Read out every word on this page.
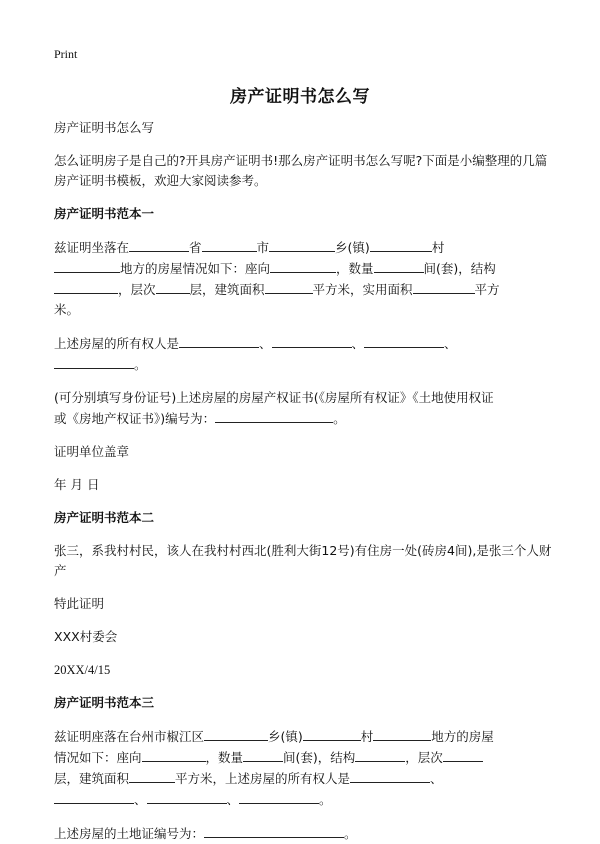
Print
房产证明书怎么写

房产证明书怎么写

怎么证明房子是自己的?开具房产证明书!那么房产证明书怎么写呢?下面是小编整理的几篇房产证明书模板，欢迎大家阅读参考。

房产证明书范本一

兹证明坐落在	省	市	乡(镇)	村
地方的房屋情况如下：座向	，数量	间(套)，结构
，层次	层，建筑面积	平方米，实用面积	平方
米。

上述房屋的所有权人是	、	、	、
。

(可分别填写身份证号)上述房屋的房屋产权证书(《房屋所有权证》《土地使用权证
或《房地产权证书》)编号为：	。

证明单位盖章

年 月 日

房产证明书范本二

张三，系我村村民，该人在我村村西北(胜利大街12号)有住房一处(砖房4间),是张三个人财产

特此证明

XXX村委会

20XX/4/15

房产证明书范本三

兹证明座落在台州市椒江区	乡(镇)	村	地方的房屋
情况如下：座向	，数量	间(套)，结构	，层次
层，建筑面积	平方米，上述房屋的所有权人是	、
、	、	。

上述房屋的土地证编号为：	。
